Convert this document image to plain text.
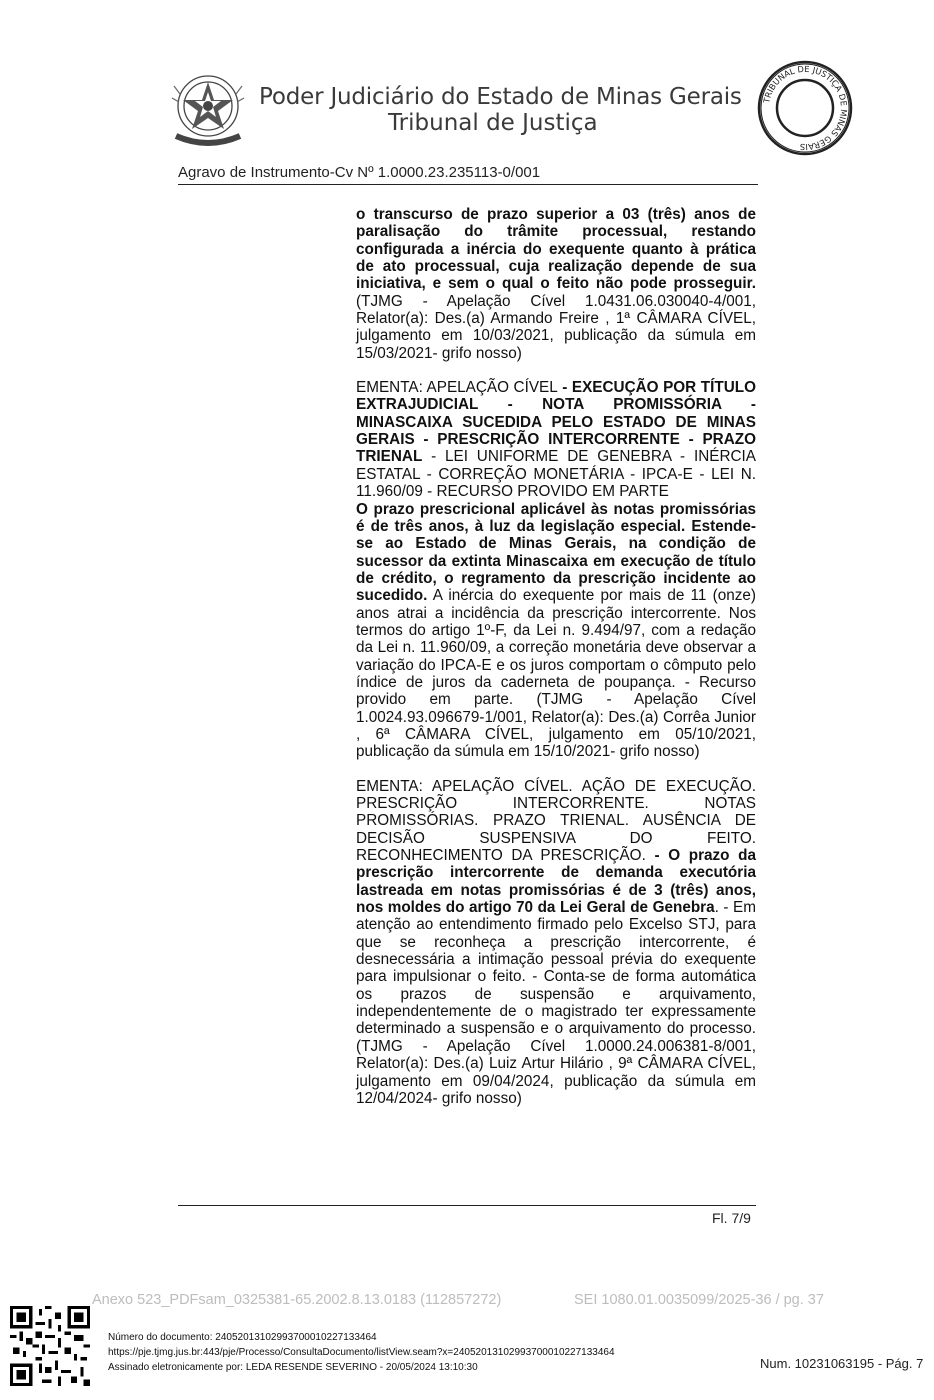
Poder Judiciário do Estado de Minas Gerais
Tribunal de Justiça
TRIBUNAL DE JUSTIÇA DE MINAS GERAIS
Agravo de Instrumento-Cv Nº 1.0000.23.235113-0/001

o transcurso de prazo superior a 03 (três) anos de paralisação do trâmite processual, restando configurada a inércia do exequente quanto à prática de ato processual, cuja realização depende de sua iniciativa, e sem o qual o feito não pode prosseguir. (TJMG - Apelação Cível 1.0431.06.030040-4/001, Relator(a): Des.(a) Armando Freire , 1ª CÂMARA CÍVEL, julgamento em 10/03/2021, publicação da súmula em 15/03/2021- grifo nosso)

EMENTA: APELAÇÃO CÍVEL - EXECUÇÃO POR TÍTULO EXTRAJUDICIAL - NOTA PROMISSÓRIA - MINASCAIXA SUCEDIDA PELO ESTADO DE MINAS GERAIS - PRESCRIÇÃO INTERCORRENTE - PRAZO TRIENAL - LEI UNIFORME DE GENEBRA - INÉRCIA ESTATAL - CORREÇÃO MONETÁRIA - IPCA-E - LEI N. 11.960/09 - RECURSO PROVIDO EM PARTE
O prazo prescricional aplicável às notas promissórias é de três anos, à luz da legislação especial. Estende-se ao Estado de Minas Gerais, na condição de sucessor da extinta Minascaixa em execução de título de crédito, o regramento da prescrição incidente ao sucedido. A inércia do exequente por mais de 11 (onze) anos atrai a incidência da prescrição intercorrente. Nos termos do artigo 1º-F, da Lei n. 9.494/97, com a redação da Lei n. 11.960/09, a correção monetária deve observar a variação do IPCA-E e os juros comportam o cômputo pelo índice de juros da caderneta de poupança. - Recurso provido em parte. (TJMG - Apelação Cível 1.0024.93.096679-1/001, Relator(a): Des.(a) Corrêa Junior , 6ª CÂMARA CÍVEL, julgamento em 05/10/2021, publicação da súmula em 15/10/2021- grifo nosso)

EMENTA: APELAÇÃO CÍVEL. AÇÃO DE EXECUÇÃO. PRESCRIÇÃO INTERCORRENTE. NOTAS PROMISSÓRIAS. PRAZO TRIENAL. AUSÊNCIA DE DECISÃO SUSPENSIVA DO FEITO. RECONHECIMENTO DA PRESCRIÇÃO. - O prazo da prescrição intercorrente de demanda executória lastreada em notas promissórias é de 3 (três) anos, nos moldes do artigo 70 da Lei Geral de Genebra. - Em atenção ao entendimento firmado pelo Excelso STJ, para que se reconheça a prescrição intercorrente, é desnecessária a intimação pessoal prévia do exequente para impulsionar o feito. - Conta-se de forma automática os prazos de suspensão e arquivamento, independentemente de o magistrado ter expressamente determinado a suspensão e o arquivamento do processo. (TJMG - Apelação Cível 1.0000.24.006381-8/001, Relator(a): Des.(a) Luiz Artur Hilário , 9ª CÂMARA CÍVEL, julgamento em 09/04/2024, publicação da súmula em 12/04/2024- grifo nosso)

Fl. 7/9
Anexo 523_PDFsam_0325381-65.2002.8.13.0183 (112857272)	SEI 1080.01.0035099/2025-36 / pg. 37
Número do documento: 24052013102993700010227133464
https://pje.tjmg.jus.br:443/pje/Processo/ConsultaDocumento/listView.seam?x=24052013102993700010227133464
Assinado eletronicamente por: LEDA RESENDE SEVERINO - 20/05/2024 13:10:30	Num. 10231063195 - Pág. 7
